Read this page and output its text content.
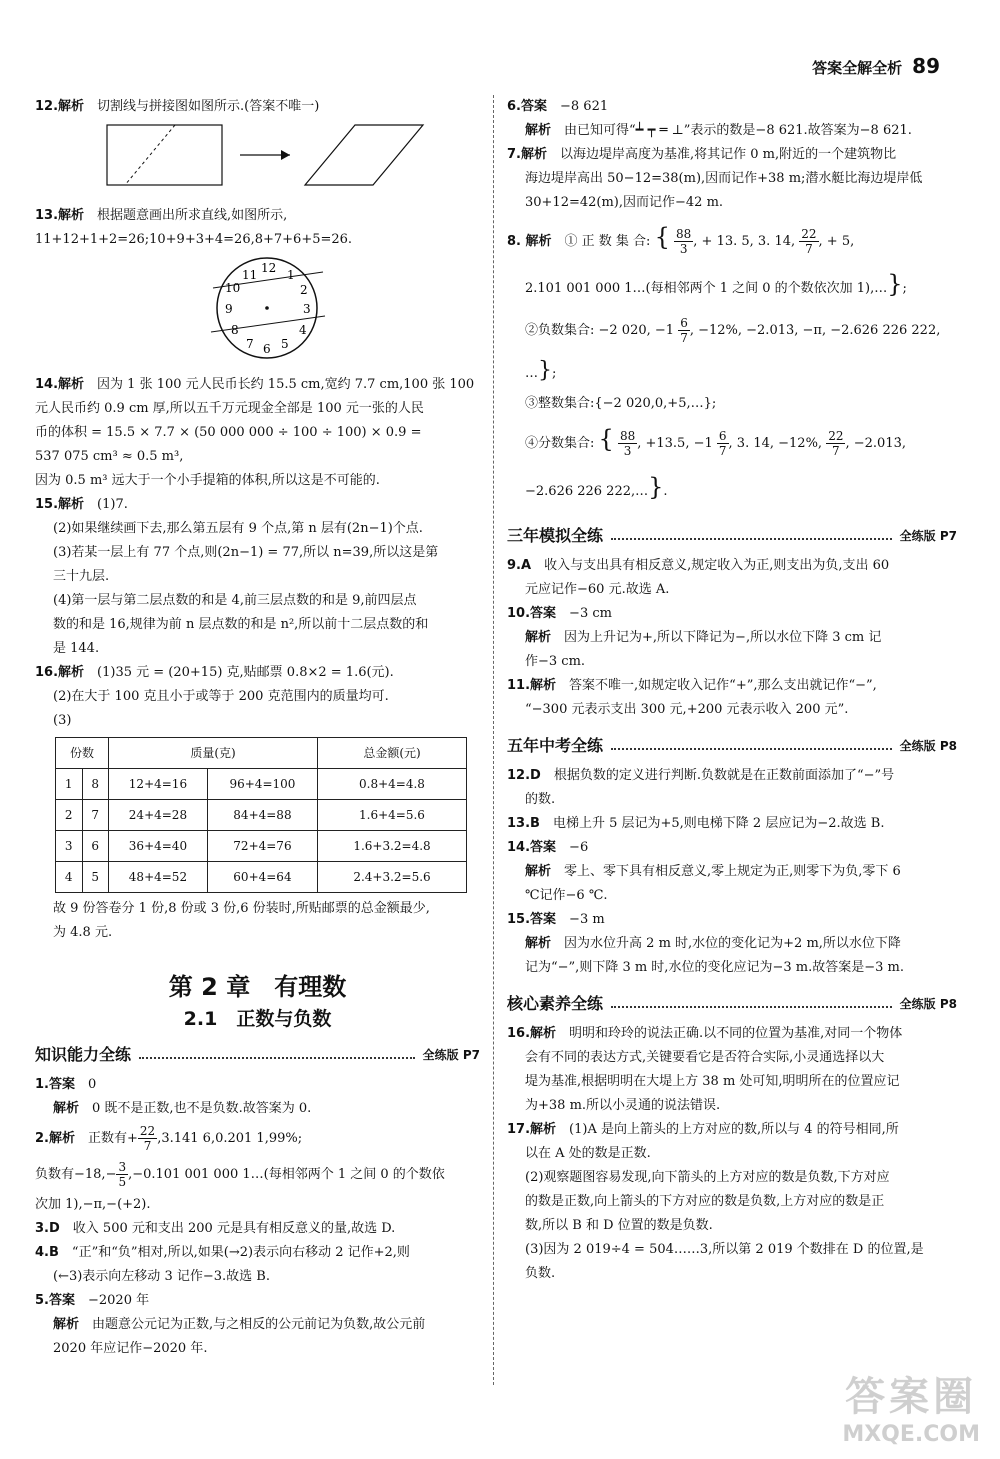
答案全解全析 89

12.解析　 切割线与拼接图如图所示.(答案不唯一)

13.解析　 根据题意画出所求直线,如图所示,

11+12+1+2=26;10+9+3+4=26,8+7+6+5=26.

12
11 1
10	2
9	3
8	4
7 6 5

14.解析　 因为 1 张 100 元人民币长约 15.5 cm,宽约 7.7 cm,100 张 100

元人民币约 0.9 cm 厚,所以五千万元现金全部是 100 元一张的人民

币的体积 = 15.5 × 7.7 × (50 000 000 ÷ 100 ÷ 100) × 0.9 =

537 075 cm³ ≈ 0.5 m³,

因为 0.5 m³ 远大于一个小手提箱的体积,所以这是不可能的.

15.解析　 (1)7.

(2)如果继续画下去,那么第五层有 9 个点,第 n 层有(2n−1)个点.

(3)若某一层上有 77 个点,则(2n−1) = 77,所以 n=39,所以这是第

三十九层.

(4)第一层与第二层点数的和是 4,前三层点数的和是 9,前四层点

数的和是 16,规律为前 n 层点数的和是 n²,所以前十二层点数的和

是 144.

16.解析　 (1)35 元 = (20+15) 克,贴邮票 0.8×2 = 1.6(元).

(2)在大于 100 克且小于或等于 200 克范围内的质量均可.

(3)

份数		质量(克)		总金额(元)
1	8	12+4=16	96+4=100	0.8+4=4.8
2	7	24+4=28	84+4=88	1.6+4=5.6
3	6	36+4=40	72+4=76	1.6+3.2=4.8
4	5	48+4=52	60+4=64	2.4+3.2=5.6

故 9 份答卷分 1 份,8 份或 3 份,6 份装时,所贴邮票的总金额最少,

为 4.8 元.

第 2 章　有理数
2.1　正数与负数
知识能力全练	全练版 P7

1.答案　 0

解析　 0 既不是正数,也不是负数.故答案为 0.

2.解析　 正数有+ $\frac{22}{7} ,3.141$ 6,0.201 1,99%;

负数有$-18,- \frac{3}{5} ,-0.101$ 001 000 1…(每相邻两个 1 之间 0 的个数依

次加 1),−π,−(+2).

3.D　 收入 500 元和支出 200 元是具有相反意义的量,故选 D.

4.B　 “正”和“负”相对,所以,如果(→2)表示向右移动 2 记作+2,则

(←3)表示向左移动 3 记作−3.故选 B.

5.答案　 −2020 年

解析　 由题意公元记为正数,与之相反的公元前记为负数,故公元前

2020 年应记作−2020 年.

6.答案　 −8 621

解析　 由已知可得“┷ ┯ ═ ⊥”表示的数是−8 621.故答案为−8 621.

7.解析　 以海边堤岸高度为基准,将其记作 0 m,附近的一个建筑物比

海边堤岸高出 50−12=38(m),因而记作+38 m;潜水艇比海边堤岸低

30+12=42(m),因而记作−42 m.

8. 解析　 ① 正 数 集 合: { $\frac{88}{3}$ , + 13. 5, 3. 14, $\frac{22}{7}$ , + 5,

2.101 001 000 1…(每相邻两个 1 之间 0 的个数依次加 1),…};

②负数集合: −2 020, $-1 \frac{6}{7}$ , −12%, −2.013̇, −π, −2.626 226 222,

…};

③整数集合:{−2 020,0,+5,…};

④分数集合: { $\frac{88}{3}$ , +13.5, $-1 \frac{6}{7}$ , 3. 14, −12%, $\frac{22}{7}$ , −2.013̇,

−2.626 226 222,…}.

三年模拟全练	全练版 P7

9.A　 收入与支出具有相反意义,规定收入为正,则支出为负,支出 60

元应记作−60 元.故选 A.

10.答案　 −3 cm

解析　 因为上升记为+,所以下降记为−,所以水位下降 3 cm 记

作−3 cm.

11.解析　 答案不唯一,如规定收入记作“+”,那么支出就记作“−”,

“−300 元表示支出 300 元,+200 元表示收入 200 元”.

五年中考全练	全练版 P8

12.D　 根据负数的定义进行判断.负数就是在正数前面添加了“−”号

的数.

13.B　 电梯上升 5 层记为+5,则电梯下降 2 层应记为−2.故选 B.

14.答案　 −6

解析　 零上、零下具有相反意义,零上规定为正,则零下为负,零下 6

℃记作−6 ℃.

15.答案　 −3 m

解析　 因为水位升高 2 m 时,水位的变化记为+2 m,所以水位下降

记为“−”,则下降 3 m 时,水位的变化应记为−3 m.故答案是−3 m.

核心素养全练	全练版 P8

16.解析　 明明和玲玲的说法正确.以不同的位置为基准,对同一个物体

会有不同的表达方式,关键要看它是否符合实际,小灵通选择以大

堤为基准,根据明明在大堤上方 38 m 处可知,明明所在的位置应记

为+38 m.所以小灵通的说法错误.

17.解析　 (1)A 是向上箭头的上方对应的数,所以与 4 的符号相同,所

以在 A 处的数是正数.

(2)观察题图容易发现,向下箭头的上方对应的数是负数,下方对应

的数是正数,向上箭头的下方对应的数是负数,上方对应的数是正

数,所以 B 和 D 位置的数是负数.

(3)因为 2 019÷4 = 504……3,所以第 2 019 个数排在 D 的位置,是

负数.

答案圈
MXQE.COM
